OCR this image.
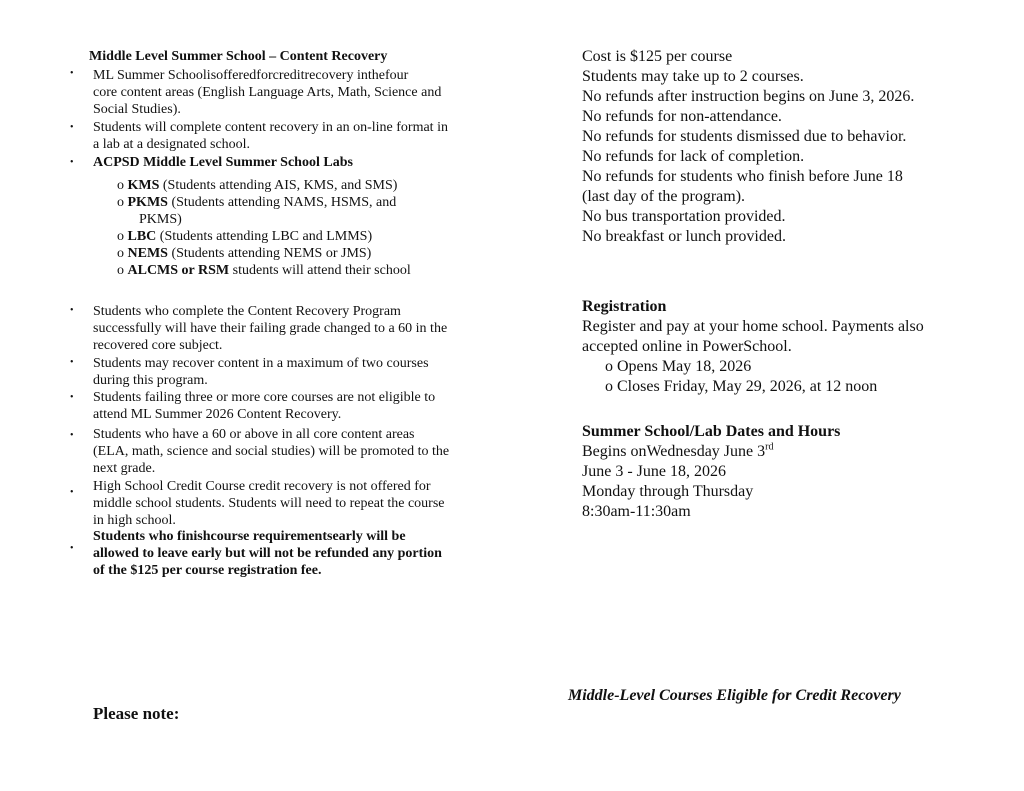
Middle Level Summer School – Content Recovery
• ML Summer Schoolisofferedforcreditrecovery inthefour
core content areas (English Language Arts, Math, Science and
Social Studies).
• Students will complete content recovery in an on-line format in
a lab at a designated school.
• ACPSD Middle Level Summer School Labs
o KMS (Students attending AIS, KMS, and SMS)
o PKMS (Students attending NAMS, HSMS, and
PKMS)
o LBC (Students attending LBC and LMMS)
o NEMS (Students attending NEMS or JMS)
o ALCMS or RSM students will attend their school
• Students who complete the Content Recovery Program
successfully will have their failing grade changed to a 60 in the
recovered core subject.
• Students may recover content in a maximum of two courses
during this program.
• Students failing three or more core courses are not eligible to
attend ML Summer 2026 Content Recovery.
• Students who have a 60 or above in all core content areas
(ELA, math, science and social studies) will be promoted to the
next grade.
• High School Credit Course credit recovery is not offered for
middle school students. Students will need to repeat the course
in high school.
•
Students who finishcourse requirementsearly will be
allowed to leave early but will not be refunded any portion
of the $125 per course registration fee.
Please note:
Cost is $125 per course
Students may take up to 2 courses.
No refunds after instruction begins on June 3, 2026.
No refunds for non-attendance.
No refunds for students dismissed due to behavior.
No refunds for lack of completion.
No refunds for students who finish before June 18
(last day of the program).
No bus transportation provided.
No breakfast or lunch provided.
Registration
Register and pay at your home school. Payments also
accepted online in PowerSchool.
o Opens May 18, 2026
o Closes Friday, May 29, 2026, at 12 noon
Summer School/Lab Dates and Hours
Begins onWednesday June 3rd
June 3 - June 18, 2026
Monday through Thursday
8:30am-11:30am
Middle-Level Courses Eligible for Credit Recovery
